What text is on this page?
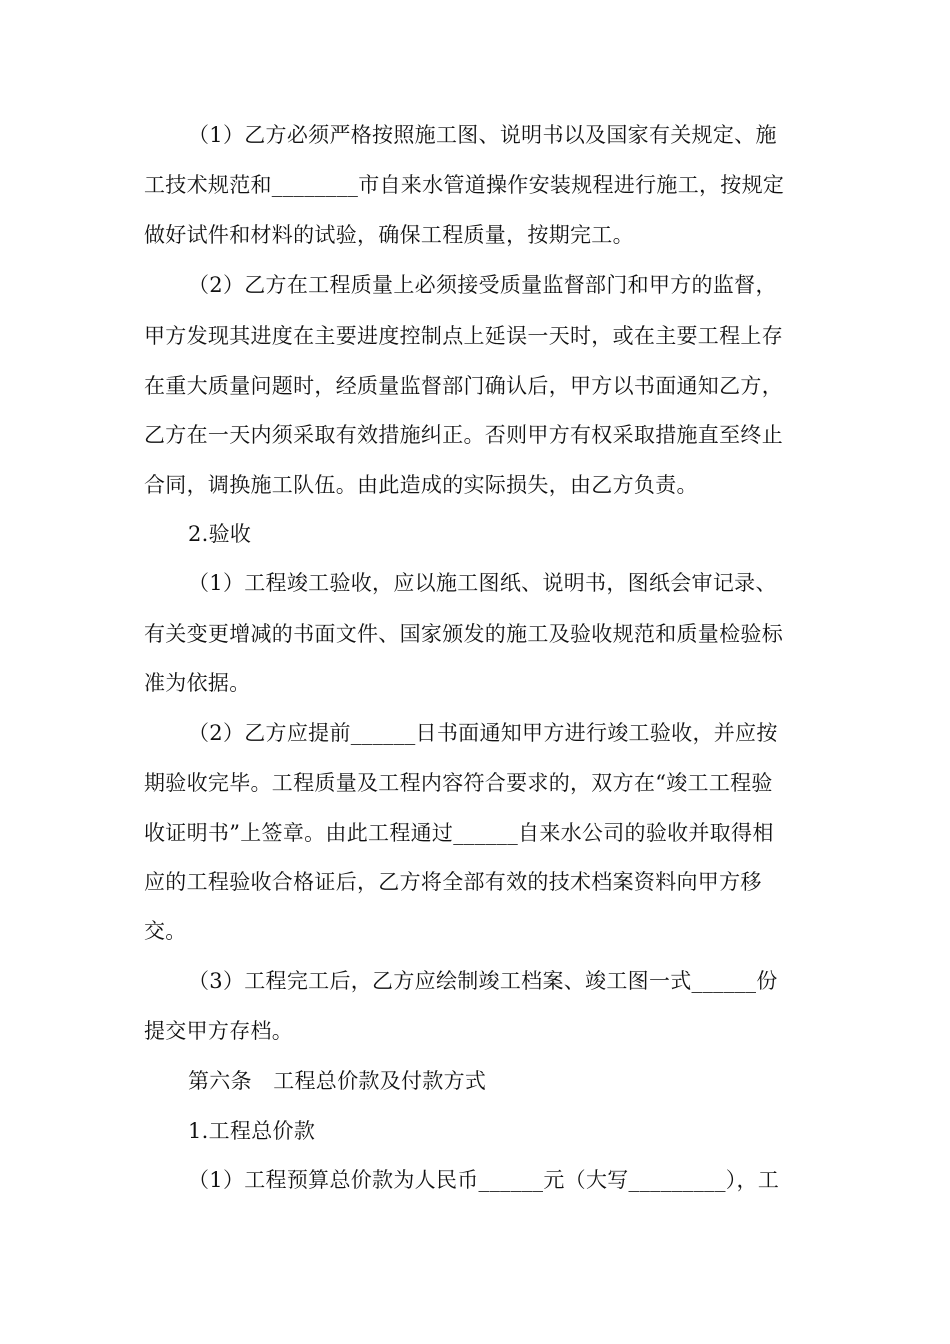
（1）乙方必须严格按照施工图、说明书以及国家有关规定、施
工技术规范和________市自来水管道操作安装规程进行施工，按规定
做好试件和材料的试验，确保工程质量，按期完工。
（2）乙方在工程质量上必须接受质量监督部门和甲方的监督，
甲方发现其进度在主要进度控制点上延误一天时，或在主要工程上存
在重大质量问题时，经质量监督部门确认后，甲方以书面通知乙方，
乙方在一天内须采取有效措施纠正。否则甲方有权采取措施直至终止
合同，调换施工队伍。由此造成的实际损失，由乙方负责。
2.验收
（1）工程竣工验收，应以施工图纸、说明书，图纸会审记录、
有关变更增减的书面文件、国家颁发的施工及验收规范和质量检验标
准为依据。
（2）乙方应提前______日书面通知甲方进行竣工验收，并应按
期验收完毕。工程质量及工程内容符合要求的，双方在“竣工工程验
收证明书”上签章。由此工程通过______自来水公司的验收并取得相
应的工程验收合格证后，乙方将全部有效的技术档案资料向甲方移
交。
（3）工程完工后，乙方应绘制竣工档案、竣工图一式______份
提交甲方存档。
第六条　工程总价款及付款方式
1.工程总价款
（1）工程预算总价款为人民币______元（大写_________），工
